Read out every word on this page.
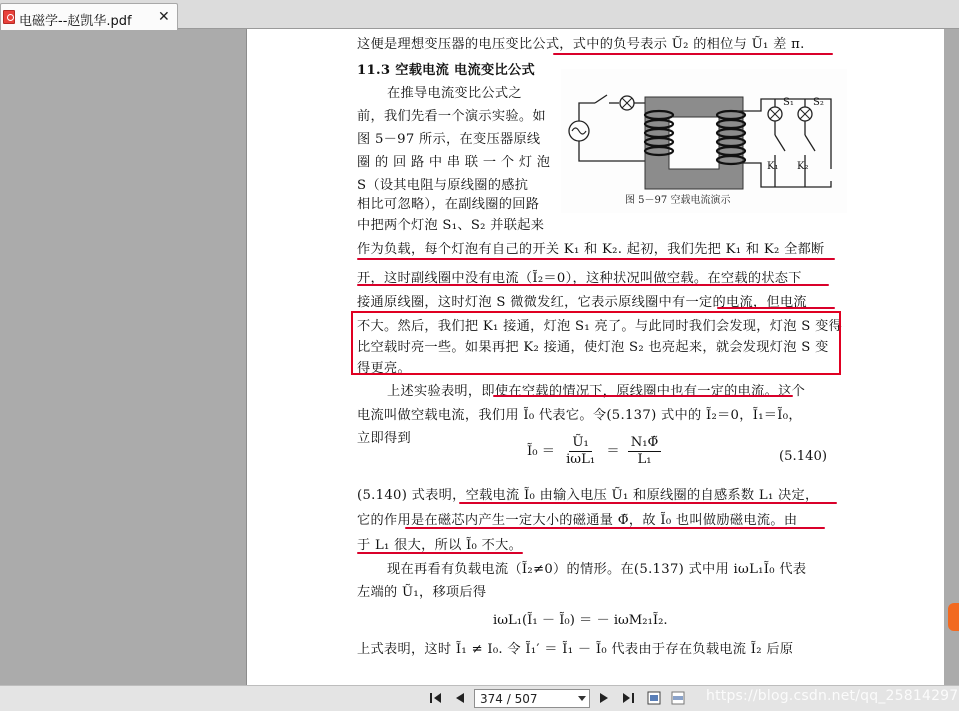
电磁学--赵凯华.pdf ✕
这便是理想变压器的电压变比公式，式中的负号表示 Ũ₂ 的相位与 Ũ₁ 差 π.
11.3 空载电流 电流变比公式
在推导电流变比公式之
前，我们先看一个演示实验。如
图 5－97 所示，在变压器原线
圈 的 回 路 中 串 联 一 个 灯 泡
S（设其电阻与原线圈的感抗
相比可忽略），在副线圈的回路
中把两个灯泡 S₁、S₂ 并联起来
作为负载，每个灯泡有自己的开关 K₁ 和 K₂. 起初，我们先把 K₁ 和 K₂ 全都断
开，这时副线圈中没有电流（Ĩ₂＝0），这种状况叫做空载。在空载的状态下
接通原线圈，这时灯泡 S 微微发红，它表示原线圈中有一定的电流，但电流
不大。然后，我们把 K₁ 接通，灯泡 S₁ 亮了。与此同时我们会发现，灯泡 S 变得
比空载时亮一些。如果再把 K₂ 接通，使灯泡 S₂ 也亮起来，就会发现灯泡 S 变
得更亮。
上述实验表明，即使在空载的情况下，原线圈中也有一定的电流。这个
电流叫做空载电流，我们用 Ĩ₀ 代表它。令(5.137) 式中的 Ĩ₂＝0，Ĩ₁＝Ĩ₀，
立即得到
Ĩ₀ ＝ $\frac{\text{Ũ₁}}{\text{iωL₁}} = \frac{\text{N₁Φ̃}}{\text{L₁}}$	(5.140)
(5.140) 式表明，空载电流 Ĩ₀ 由输入电压 Ũ₁ 和原线圈的自感系数 L₁ 决定，
它的作用是在磁芯内产生一定大小的磁通量 Φ̃，故 Ĩ₀ 也叫做励磁电流。由
于 L₁ 很大，所以 Ĩ₀ 不大。
现在再看有负载电流（Ĩ₂≠0）的情形。在(5.137) 式中用 iωL₁Ĩ₀ 代表
左端的 Ũ₁，移项后得
iωL₁(Ĩ₁ － Ĩ₀) ＝ － iωM₂₁Ĩ₂.
上式表明，这时 Ĩ₁ ≠ I₀. 令 Ĩ₁′ ＝ Ĩ₁ － Ĩ₀ 代表由于存在负载电流 Ĩ₂ 后原
S₁ S₂
K₁ K₂
图 5－97 空载电流演示
374 / 507	https://blog.csdn.net/qq_25814297
